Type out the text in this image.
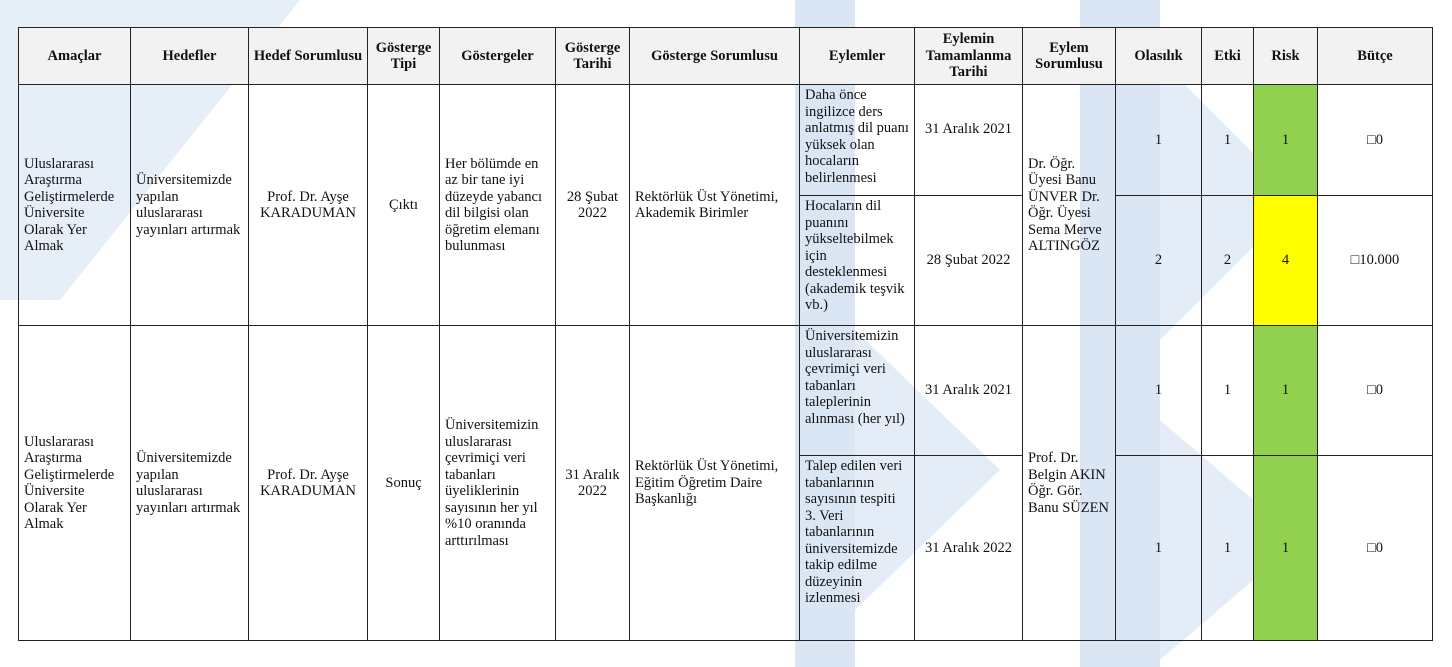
Amaçlar	Hedefler	Hedef Sorumlusu	Gösterge Tipi	Göstergeler	Gösterge Tarihi	Gösterge Sorumlusu	Eylemler	Eylemin Tamamlanma Tarihi	Eylem Sorumlusu	Olasılık	Etki	Risk	Bütçe
Uluslararası Araştırma Geliştirmelerde Üniversite Olarak Yer Almak	Üniversitemizde yapılan uluslararası yayınları artırmak	Prof. Dr. Ayşe KARADUMAN	Çıktı	Her bölümde en az bir tane iyi düzeyde yabancı dil bilgisi olan öğretim elemanı bulunması	28 Şubat 2022	Rektörlük Üst Yönetimi, Akademik Birimler	Daha önce ingilizce ders anlatmış dil puanı yüksek olan hocaların belirlenmesi	31 Aralık 2021	Dr. Öğr. Üyesi Banu ÜNVER Dr. Öğr. Üyesi Sema Merve ALTINGÖZ	1	1	1	□0
							Hocaların dil puanını yükseltebilmek için desteklenmesi (akademik teşvik vb.)	28 Şubat 2022		2	2	4	□10.000
Uluslararası Araştırma Geliştirmelerde Üniversite Olarak Yer Almak	Üniversitemizde yapılan uluslararası yayınları artırmak	Prof. Dr. Ayşe KARADUMAN	Sonuç	Üniversitemizin uluslararası çevrimiçi veri tabanları üyeliklerinin sayısının her yıl %10 oranında arttırılması	31 Aralık 2022	Rektörlük Üst Yönetimi, Eğitim Öğretim Daire Başkanlığı	Üniversitemizin uluslararası çevrimiçi veri tabanları taleplerinin alınması (her yıl)	31 Aralık 2021	Prof. Dr. Belgin AKIN Öğr. Gör. Banu SÜZEN	1	1	1	□0
							Talep edilen veri tabanlarının sayısının tespiti 3. Veri tabanlarının üniversitemizde takip edilme düzeyinin izlenmesi	31 Aralık 2022		1	1	1	□0
